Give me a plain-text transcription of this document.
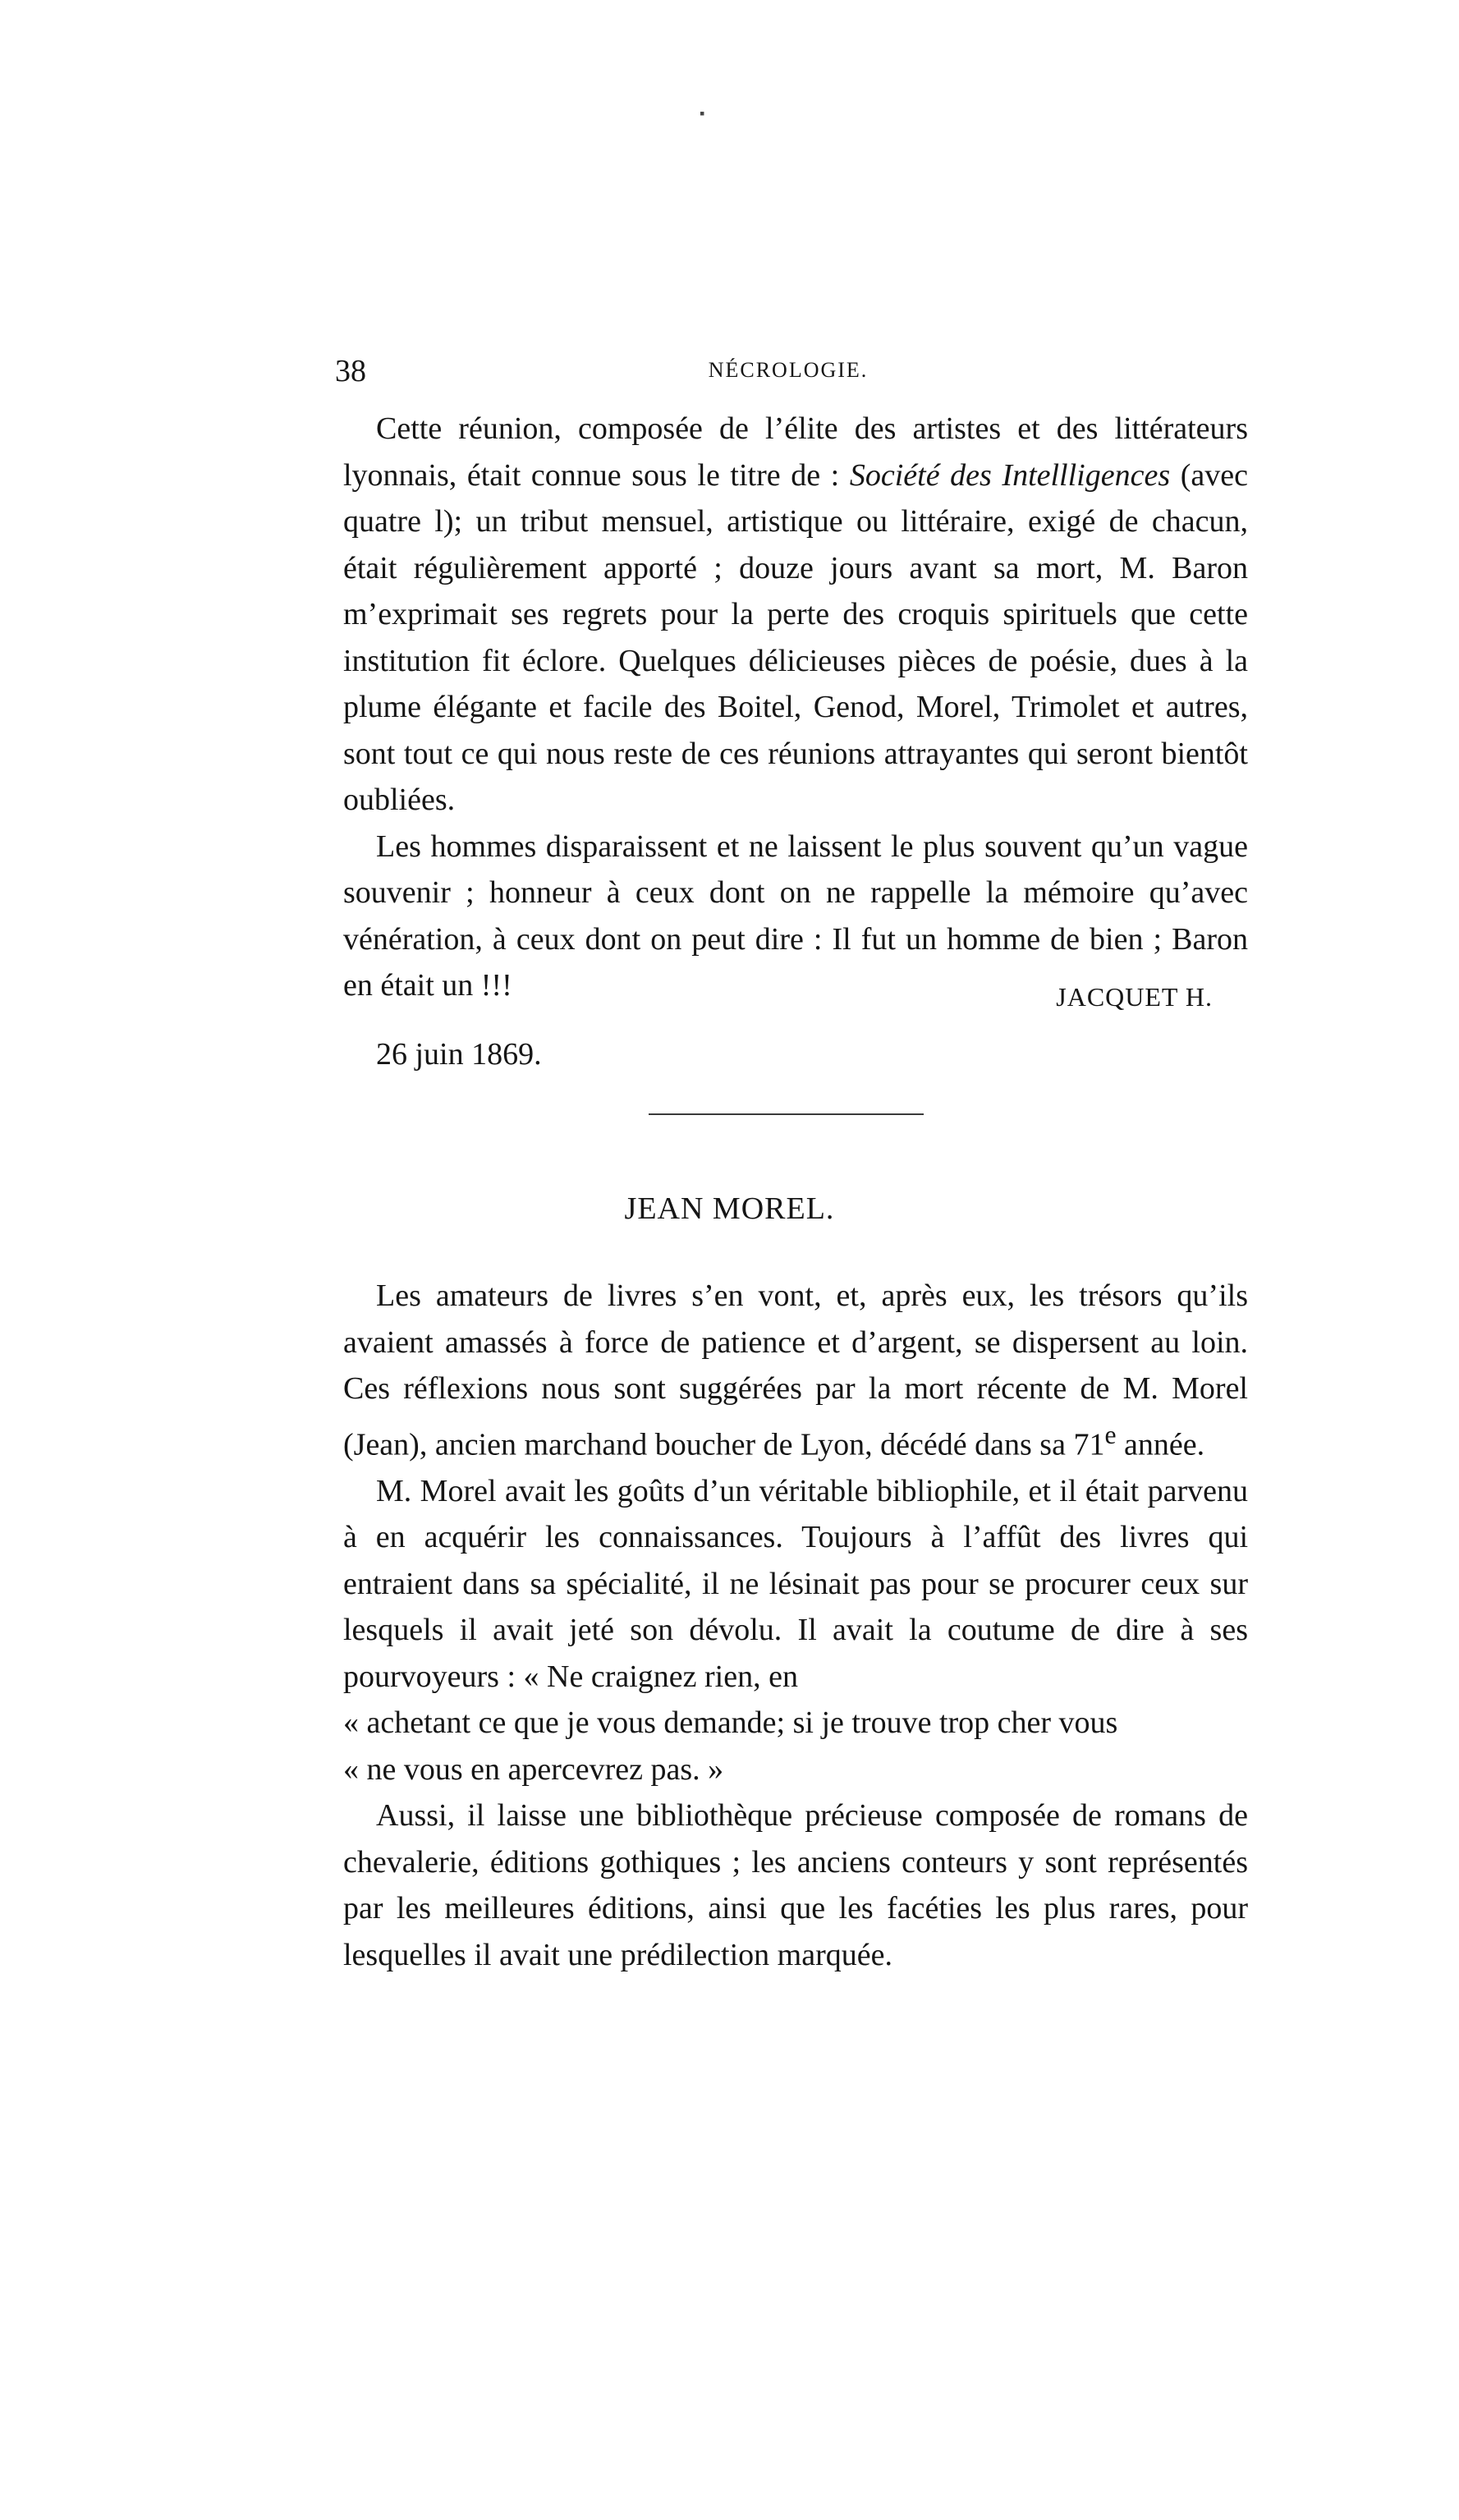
▪
38	NÉCROLOGIE.

Cette réunion, composée de l’élite des artistes et des littérateurs lyonnais, était connue sous le titre de : Société des Intellligences (avec quatre l); un tribut mensuel, artistique ou littéraire, exigé de chacun, était régulièrement apporté ; douze jours avant sa mort, M. Baron m’exprimait ses regrets pour la perte des croquis spirituels que cette institution fit éclore. Quelques délicieuses pièces de poésie, dues à la plume élégante et facile des Boitel, Genod, Morel, Trimolet et autres, sont tout ce qui nous reste de ces réunions attrayantes qui seront bientôt oubliées.

Les hommes disparaissent et ne laissent le plus souvent qu’un vague souvenir ; honneur à ceux dont on ne rappelle la mémoire qu’avec vénération, à ceux dont on peut dire : Il fut un homme de bien ; Baron en était un !!!	JACQUET H.
26 juin 1869.
JEAN MOREL.

Les amateurs de livres s’en vont, et, après eux, les trésors qu’ils avaient amassés à force de patience et d’argent, se dispersent au loin. Ces réflexions nous sont suggérées par la mort récente de M. Morel (Jean), ancien marchand boucher de Lyon, décédé dans sa 71e année.

M. Morel avait les goûts d’un véritable bibliophile, et il était parvenu à en acquérir les connaissances. Toujours à l’affût des livres qui entraient dans sa spécialité, il ne lésinait pas pour se procurer ceux sur lesquels il avait jeté son dévolu. Il avait la coutume de dire à ses pourvoyeurs : « Ne craignez rien, en

« achetant ce que je vous demande; si je trouve trop cher vous

« ne vous en apercevrez pas. »

Aussi, il laisse une bibliothèque précieuse composée de romans de chevalerie, éditions gothiques ; les anciens conteurs y sont représentés par les meilleures éditions, ainsi que les facéties les plus rares, pour lesquelles il avait une prédilection marquée.
